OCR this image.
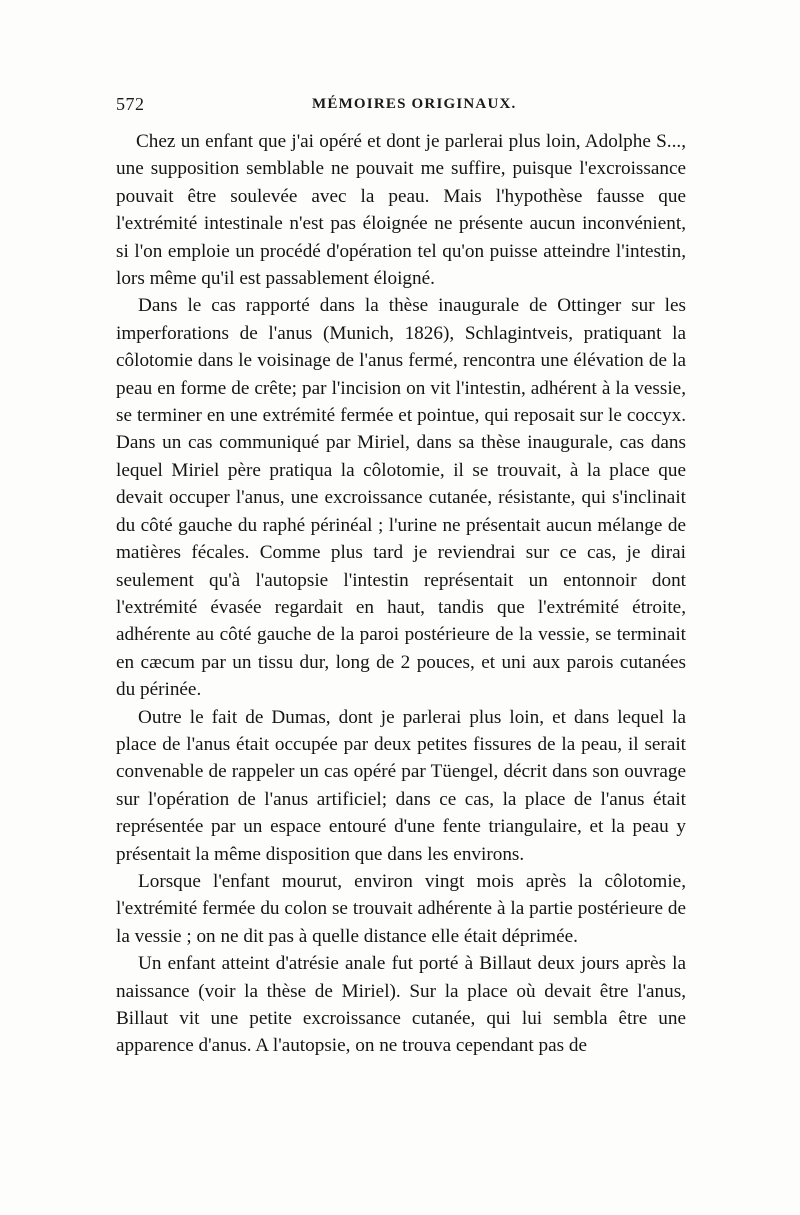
572	MÉMOIRES ORIGINAUX.

Chez un enfant que j'ai opéré et dont je parlerai plus loin, Adolphe S..., une supposition semblable ne pouvait me suffire, puisque l'excroissance pouvait être soulevée avec la peau. Mais l'hypothèse fausse que l'extrémité intestinale n'est pas éloignée ne présente aucun inconvénient, si l'on emploie un procédé d'opération tel qu'on puisse atteindre l'intestin, lors même qu'il est passablement éloigné.

Dans le cas rapporté dans la thèse inaugurale de Ottinger sur les imperforations de l'anus (Munich, 1826), Schlagintveis, pratiquant la côlotomie dans le voisinage de l'anus fermé, rencontra une élévation de la peau en forme de crête; par l'incision on vit l'intestin, adhérent à la vessie, se terminer en une extrémité fermée et pointue, qui reposait sur le coccyx. Dans un cas communiqué par Miriel, dans sa thèse inaugurale, cas dans lequel Miriel père pratiqua la côlotomie, il se trouvait, à la place que devait occuper l'anus, une excroissance cutanée, résistante, qui s'inclinait du côté gauche du raphé périnéal ; l'urine ne présentait aucun mélange de matières fécales. Comme plus tard je reviendrai sur ce cas, je dirai seulement qu'à l'autopsie l'intestin représentait un entonnoir dont l'extrémité évasée regardait en haut, tandis que l'extrémité étroite, adhérente au côté gauche de la paroi postérieure de la vessie, se terminait en cæcum par un tissu dur, long de 2 pouces, et uni aux parois cutanées du périnée.

Outre le fait de Dumas, dont je parlerai plus loin, et dans lequel la place de l'anus était occupée par deux petites fissures de la peau, il serait convenable de rappeler un cas opéré par Tüengel, décrit dans son ouvrage sur l'opération de l'anus artificiel; dans ce cas, la place de l'anus était représentée par un espace entouré d'une fente triangulaire, et la peau y présentait la même disposition que dans les environs.

Lorsque l'enfant mourut, environ vingt mois après la côlotomie, l'extrémité fermée du colon se trouvait adhérente à la partie postérieure de la vessie ; on ne dit pas à quelle distance elle était déprimée.

Un enfant atteint d'atrésie anale fut porté à Billaut deux jours après la naissance (voir la thèse de Miriel). Sur la place où devait être l'anus, Billaut vit une petite excroissance cutanée, qui lui sembla être une apparence d'anus. A l'autopsie, on ne trouva cependant pas de
